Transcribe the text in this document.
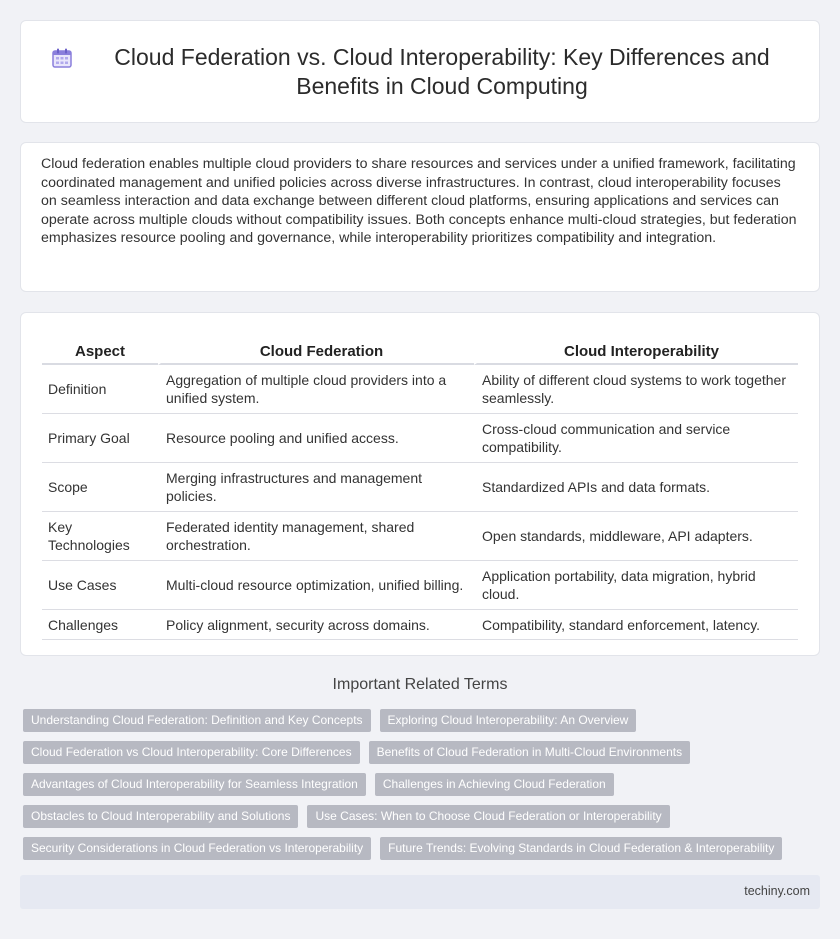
Cloud Federation vs. Cloud Interoperability: Key Differences and Benefits in Cloud Computing

Cloud federation enables multiple cloud providers to share resources and services under a unified framework, facilitating coordinated management and unified policies across diverse infrastructures. In contrast, cloud interoperability focuses on seamless interaction and data exchange between different cloud platforms, ensuring applications and services can operate across multiple clouds without compatibility issues. Both concepts enhance multi-cloud strategies, but federation emphasizes resource pooling and governance, while interoperability prioritizes compatibility and integration.

Aspect	Cloud Federation	Cloud Interoperability
Definition	Aggregation of multiple cloud providers into a unified system.	Ability of different cloud systems to work together seamlessly.
Primary Goal	Resource pooling and unified access.	Cross-cloud communication and service compatibility.
Scope	Merging infrastructures and management policies.	Standardized APIs and data formats.
Key Technologies	Federated identity management, shared orchestration.	Open standards, middleware, API adapters.
Use Cases	Multi-cloud resource optimization, unified billing.	Application portability, data migration, hybrid cloud.
Challenges	Policy alignment, security across domains.	Compatibility, standard enforcement, latency.
Important Related Terms
Understanding Cloud Federation: Definition and Key Concepts	Exploring Cloud Interoperability: An Overview
Cloud Federation vs Cloud Interoperability: Core Differences	Benefits of Cloud Federation in Multi-Cloud Environments
Advantages of Cloud Interoperability for Seamless Integration	Challenges in Achieving Cloud Federation
Obstacles to Cloud Interoperability and Solutions	Use Cases: When to Choose Cloud Federation or Interoperability
Security Considerations in Cloud Federation vs Interoperability	Future Trends: Evolving Standards in Cloud Federation & Interoperability
techiny.com
